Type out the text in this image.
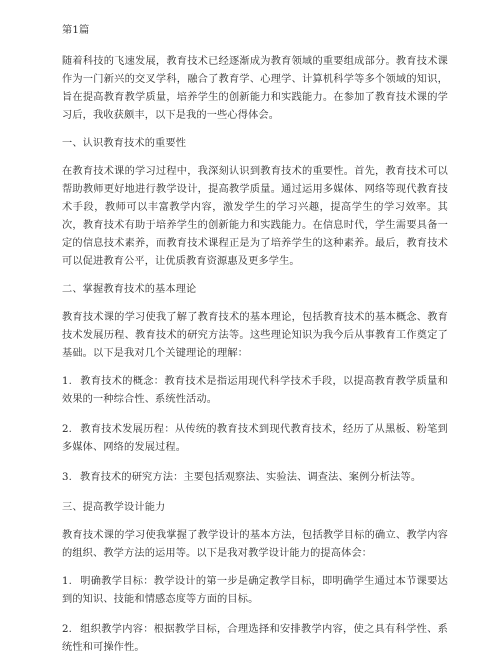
第1篇

随着科技的飞速发展，教育技术已经逐渐成为教育领域的重要组成部分。教育技术课作为一门新兴的交叉学科，融合了教育学、心理学、计算机科学等多个领域的知识，旨在提高教育教学质量，培养学生的创新能力和实践能力。在参加了教育技术课的学习后，我收获颇丰，以下是我的一些心得体会。

一、认识教育技术的重要性

在教育技术课的学习过程中，我深刻认识到教育技术的重要性。首先，教育技术可以帮助教师更好地进行教学设计，提高教学质量。通过运用多媒体、网络等现代教育技术手段，教师可以丰富教学内容，激发学生的学习兴趣，提高学生的学习效率。其次，教育技术有助于培养学生的创新能力和实践能力。在信息时代，学生需要具备一定的信息技术素养，而教育技术课程正是为了培养学生的这种素养。最后，教育技术可以促进教育公平，让优质教育资源惠及更多学生。

二、掌握教育技术的基本理论

教育技术课的学习使我了解了教育技术的基本理论，包括教育技术的基本概念、教育技术发展历程、教育技术的研究方法等。这些理论知识为我今后从事教育工作奠定了基础。以下是我对几个关键理论的理解：

1. 教育技术的概念：教育技术是指运用现代科学技术手段，以提高教育教学质量和效果的一种综合性、系统性活动。

2. 教育技术发展历程：从传统的教育技术到现代教育技术，经历了从黑板、粉笔到多媒体、网络的发展过程。

3. 教育技术的研究方法：主要包括观察法、实验法、调查法、案例分析法等。

三、提高教学设计能力

教育技术课的学习使我掌握了教学设计的基本方法，包括教学目标的确立、教学内容的组织、教学方法的运用等。以下是我对教学设计能力的提高体会：

1. 明确教学目标：教学设计的第一步是确定教学目标，即明确学生通过本节课要达到的知识、技能和情感态度等方面的目标。

2. 组织教学内容：根据教学目标，合理选择和安排教学内容，使之具有科学性、系统性和可操作性。
